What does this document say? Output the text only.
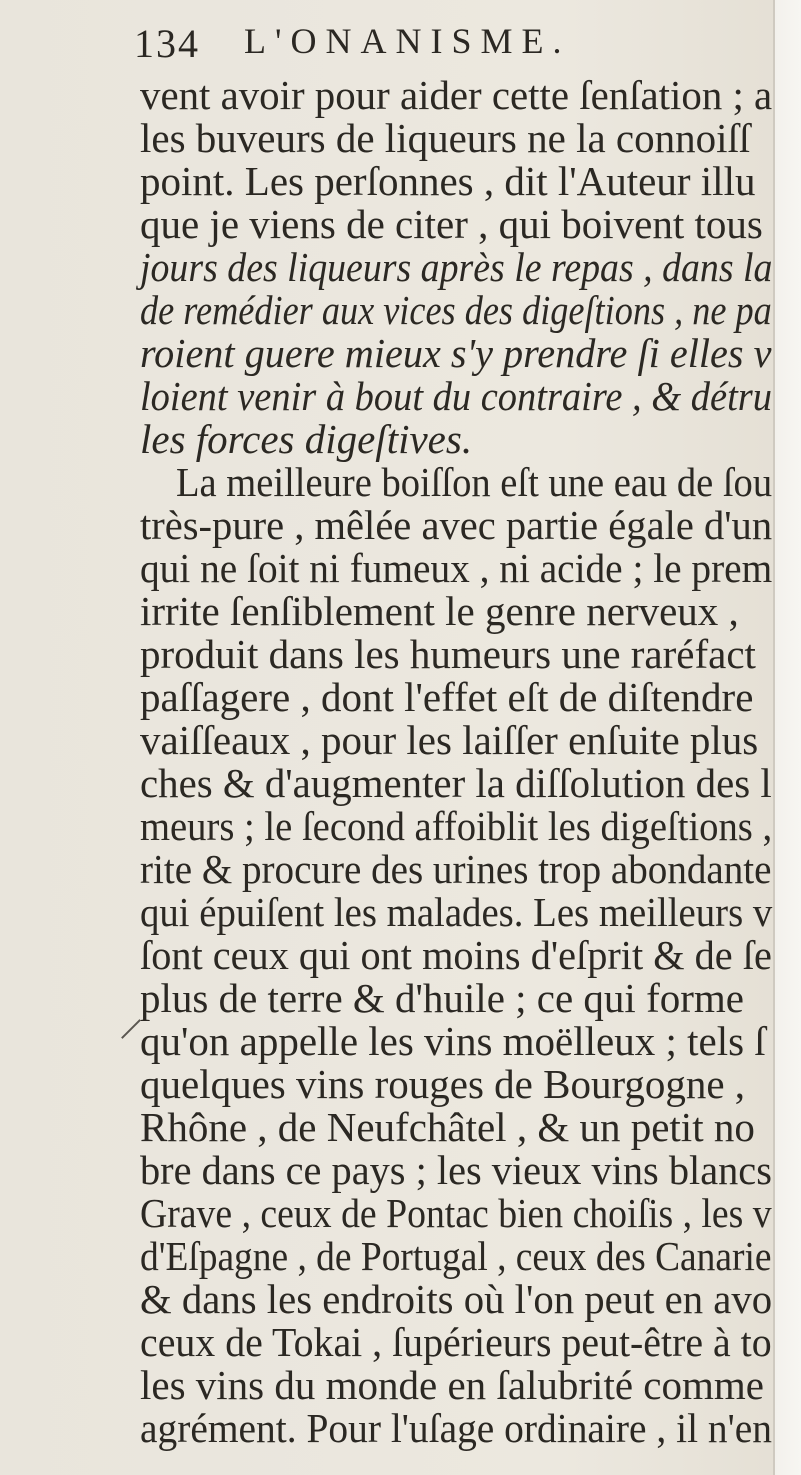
134 L'ONANISME.
vent avoir pour aider cette ſenſation ; a
les buveurs de liqueurs ne la connoiſſ
point. Les perſonnes , dit l'Auteur illu
que je viens de citer , qui boivent tous
jours des liqueurs après le repas , dans la
de remédier aux vices des digeſtions , ne pa
roient guere mieux s'y prendre ſi elles v
loient venir à bout du contraire , & détru
les forces digeſtives.
La meilleure boiſſon eſt une eau de ſou
très-pure , mêlée avec partie égale d'un
qui ne ſoit ni fumeux , ni acide ; le prem
irrite ſenſiblement le genre nerveux ,
produit dans les humeurs une raréfact
paſſagere , dont l'effet eſt de diſtendre
vaiſſeaux , pour les laiſſer enſuite plus
ches & d'augmenter la diſſolution des l
meurs ; le ſecond affoiblit les digeſtions ,
rite & procure des urines trop abondante
qui épuiſent les malades. Les meilleurs v
ſont ceux qui ont moins d'eſprit & de ſe
plus de terre & d'huile ; ce qui forme
qu'on appelle les vins moëlleux ; tels ſ
quelques vins rouges de Bourgogne ,
Rhône , de Neufchâtel , & un petit no
bre dans ce pays ; les vieux vins blancs
Grave , ceux de Pontac bien choiſis , les v
d'Eſpagne , de Portugal , ceux des Canarie
& dans les endroits où l'on peut en avo
ceux de Tokai , ſupérieurs peut-être à to
les vins du monde en ſalubrité comme
agrément. Pour l'uſage ordinaire , il n'en
